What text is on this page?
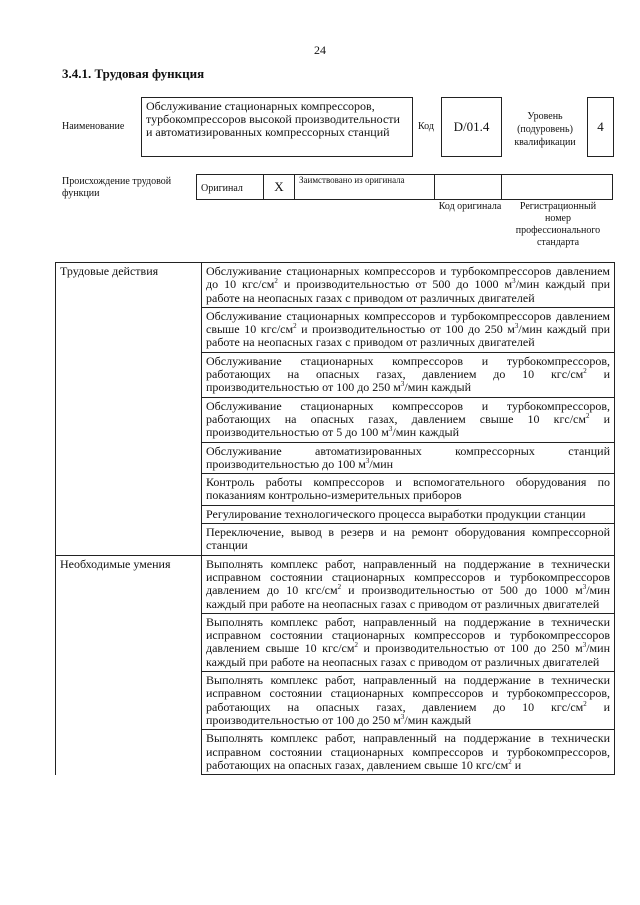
24
3.4.1. Трудовая функция
Наименование
Обслуживание стационарных компрессоров, турбокомпрессоров высокой производительности и автоматизированных компрессорных станций	Код	D/01.4
Уровень (подуровень) квалификации
4
Происхождение трудовой функции	Оригинал	X	Заимствовано из оригинала		
Код оригинала	Регистрационный номер профессионального стандарта
Трудовые действия	Обслуживание стационарных компрессоров и турбокомпрессоров давлением до 10 кгс/$см^2$ и производительностью от 500 до 1000 $м^3$/мин каждый при работе на неопасных газах с приводом от различных двигателей
	Обслуживание стационарных компрессоров и турбокомпрессоров давлением свыше 10 кгс/$см^2$ и производительностью от 100 до 250 $м^3$/мин каждый при работе на неопасных газах с приводом от различных двигателей
	Обслуживание стационарных компрессоров и турбокомпрессоров, работающих на опасных газах, давлением до 10 кгс/$см^2$ и производительностью от 100 до 250 $м^3$/мин каждый
	Обслуживание стационарных компрессоров и турбокомпрессоров, работающих на опасных газах, давлением свыше 10 кгс/$см^2$ и производительностью от 5 до 100 $м^3$/мин каждый
	Обслуживание автоматизированных компрессорных станций производительностью до 100 $м^3$/мин
	Контроль работы компрессоров и вспомогательного оборудования по показаниям контрольно-измерительных приборов
	Регулирование технологического процесса выработки продукции станции
	Переключение, вывод в резерв и на ремонт оборудования компрессорной станции
Необходимые умения	Выполнять комплекс работ, направленный на поддержание в технически исправном состоянии стационарных компрессоров и турбокомпрессоров давлением до 10 кгс/$см^2$ и производительностью от 500 до 1000 $м^3$/мин каждый при работе на неопасных газах с приводом от различных двигателей
	Выполнять комплекс работ, направленный на поддержание в технически исправном состоянии стационарных компрессоров и турбокомпрессоров давлением свыше 10 кгс/$см^2$ и производительностью от 100 до 250 $м^3$/мин каждый при работе на неопасных газах с приводом от различных двигателей
	Выполнять комплекс работ, направленный на поддержание в технически исправном состоянии стационарных компрессоров и турбокомпрессоров, работающих на опасных газах, давлением до 10 кгс/$см^2$ и производительностью от 100 до 250 $м^3$/мин каждый
	Выполнять комплекс работ, направленный на поддержание в технически исправном состоянии стационарных компрессоров и турбокомпрессоров, работающих на опасных газах, давлением свыше 10 кгс/$см^2$ и
